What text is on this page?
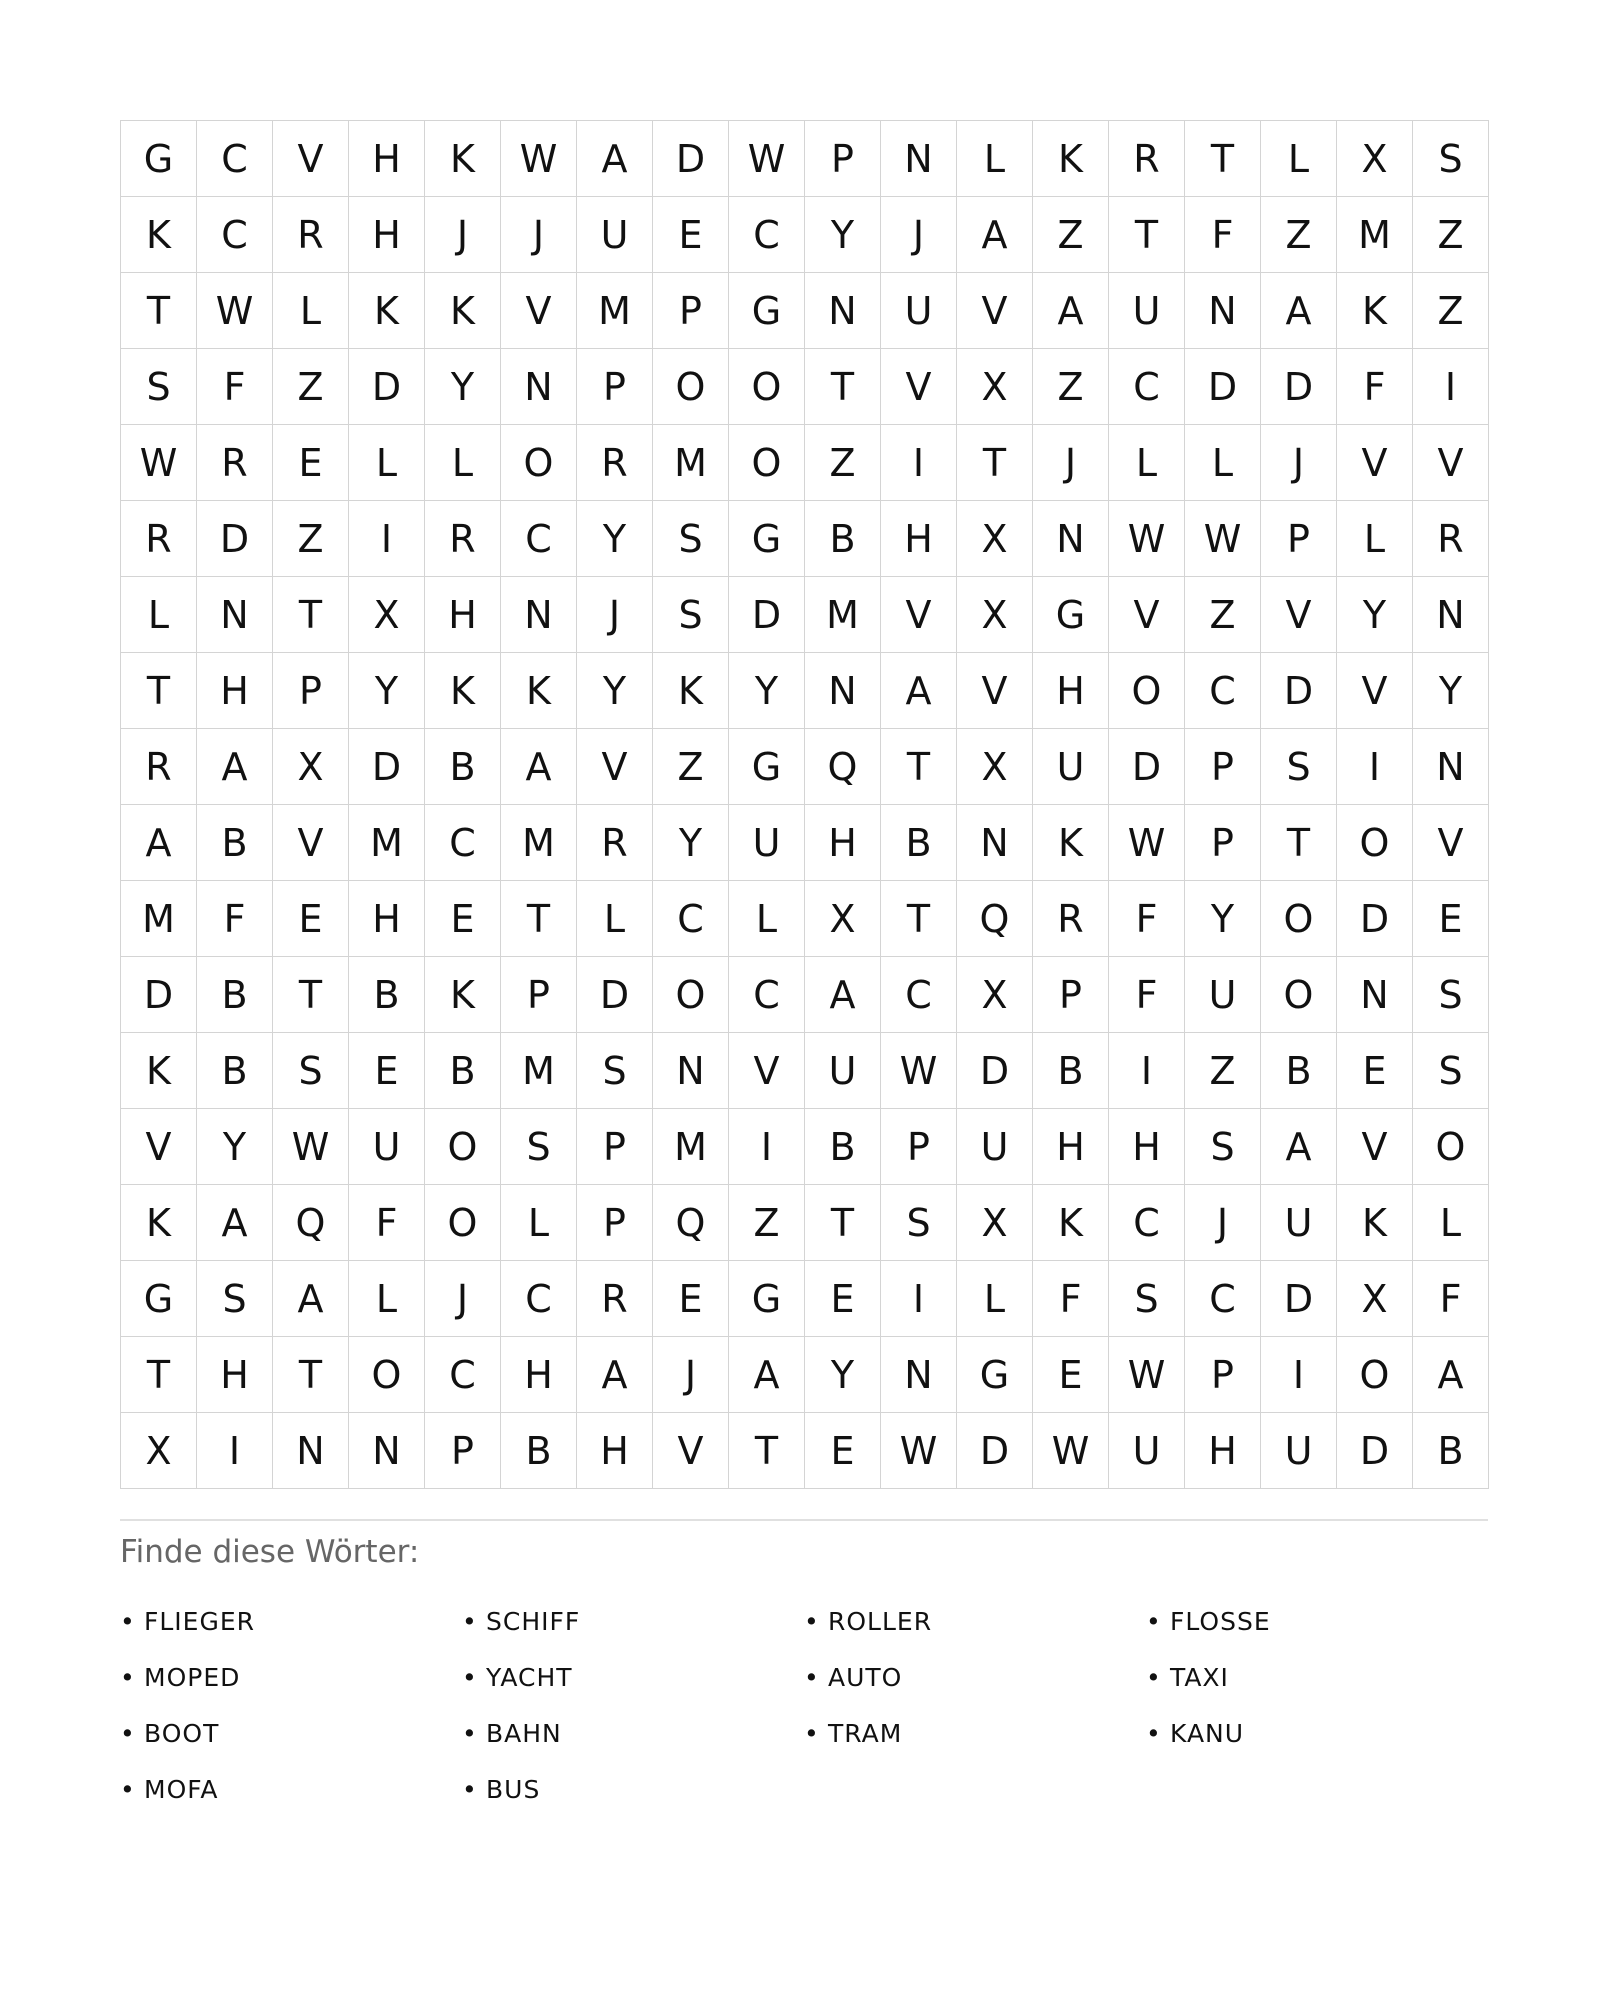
G	C	V	H	K	W	A	D	W	P	N	L	K	R	T	L	X	S
K	C	R	H	J	J	U	E	C	Y	J	A	Z	T	F	Z	M	Z
T	W	L	K	K	V	M	P	G	N	U	V	A	U	N	A	K	Z
S	F	Z	D	Y	N	P	O	O	T	V	X	Z	C	D	D	F	I
W	R	E	L	L	O	R	M	O	Z	I	T	J	L	L	J	V	V
R	D	Z	I	R	C	Y	S	G	B	H	X	N	W	W	P	L	R
L	N	T	X	H	N	J	S	D	M	V	X	G	V	Z	V	Y	N
T	H	P	Y	K	K	Y	K	Y	N	A	V	H	O	C	D	V	Y
R	A	X	D	B	A	V	Z	G	Q	T	X	U	D	P	S	I	N
A	B	V	M	C	M	R	Y	U	H	B	N	K	W	P	T	O	V
M	F	E	H	E	T	L	C	L	X	T	Q	R	F	Y	O	D	E
D	B	T	B	K	P	D	O	C	A	C	X	P	F	U	O	N	S
K	B	S	E	B	M	S	N	V	U	W	D	B	I	Z	B	E	S
V	Y	W	U	O	S	P	M	I	B	P	U	H	H	S	A	V	O
K	A	Q	F	O	L	P	Q	Z	T	S	X	K	C	J	U	K	L
G	S	A	L	J	C	R	E	G	E	I	L	F	S	C	D	X	F
T	H	T	O	C	H	A	J	A	Y	N	G	E	W	P	I	O	A
X	I	N	N	P	B	H	V	T	E	W	D	W	U	H	U	D	B
Finde diese Wörter:
• FLIEGER	• SCHIFF	• ROLLER	• FLOSSE
• MOPED	• YACHT	• AUTO	• TAXI
• BOOT	• BAHN	• TRAM	• KANU
• MOFA	• BUS
